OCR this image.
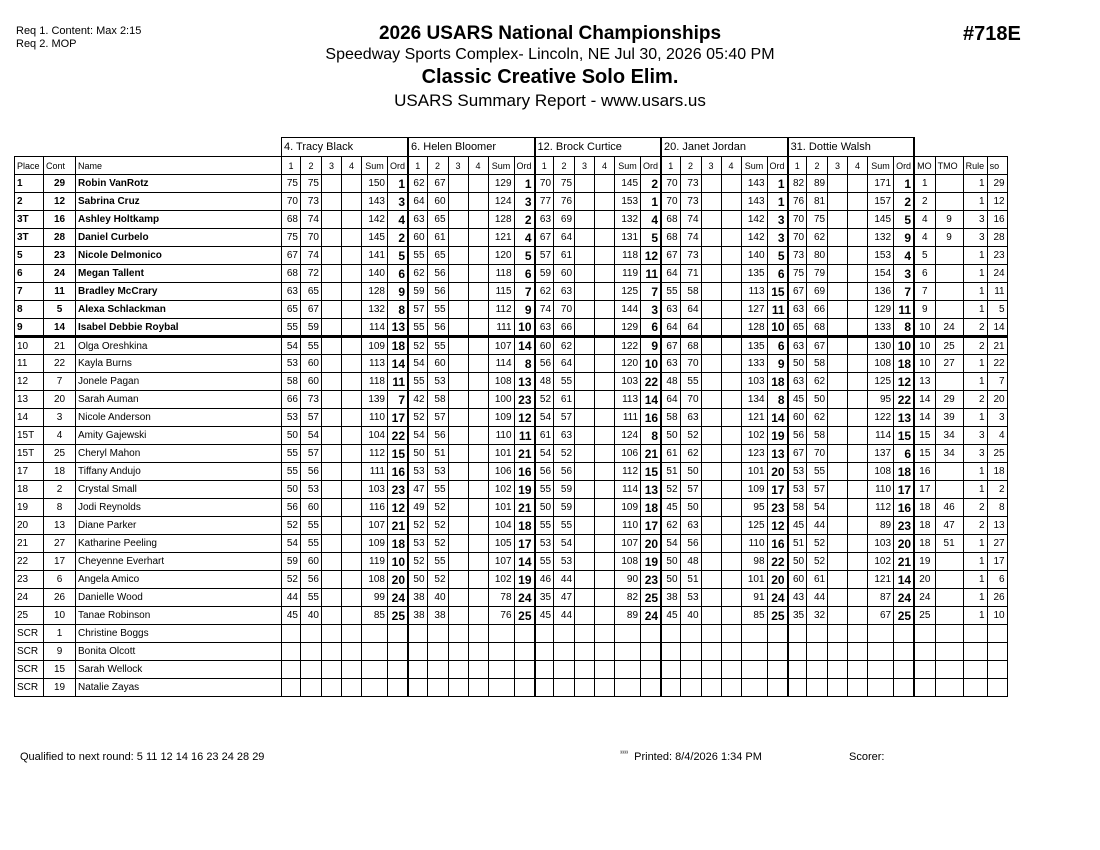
Req 1. Content: Max 2:15
Req 2. MOP	2026 USARS National Championships
Speedway Sports Complex- Lincoln, NE Jul 30, 2026 05:40 PM
Classic Creative Solo Elim.
USARS Summary Report - www.usars.us
#718E
			4. Tracy Black						6. Helen Bloomer						12. Brock Curtice						20. Janet Jordan						31. Dottie Walsh									
Place	Cont	Name	1	2	3	4	Sum	Ord	1	2	3	4	Sum	Ord	1	2	3	4	Sum	Ord	1	2	3	4	Sum	Ord	1	2	3	4	Sum	Ord	MO	TMO	Rule	so
1	29	Robin VanRotz	75	75			150	1	62	67			129	1	70	75			145	2	70	73			143	1	82	89			171	1	1		1	29
2	12	Sabrina Cruz	70	73			143	3	64	60			124	3	77	76			153	1	70	73			143	1	76	81			157	2	2		1	12
3T	16	Ashley Holtkamp	68	74			142	4	63	65			128	2	63	69			132	4	68	74			142	3	70	75			145	5	4	9	3	16
3T	28	Daniel Curbelo	75	70			145	2	60	61			121	4	67	64			131	5	68	74			142	3	70	62			132	9	4	9	3	28
5	23	Nicole Delmonico	67	74			141	5	55	65			120	5	57	61			118	12	67	73			140	5	73	80			153	4	5		1	23
6	24	Megan Tallent	68	72			140	6	62	56			118	6	59	60			119	11	64	71			135	6	75	79			154	3	6		1	24
7	11	Bradley McCrary	63	65			128	9	59	56			115	7	62	63			125	7	55	58			113	15	67	69			136	7	7		1	11
8	5	Alexa Schlackman	65	67			132	8	57	55			112	9	74	70			144	3	63	64			127	11	63	66			129	11	9		1	5
9	14	Isabel Debbie Roybal	55	59			114	13	55	56			111	10	63	66			129	6	64	64			128	10	65	68			133	8	10	24	2	14
10	21	Olga Oreshkina	54	55			109	18	52	55			107	14	60	62			122	9	67	68			135	6	63	67			130	10	10	25	2	21
11	22	Kayla Burns	53	60			113	14	54	60			114	8	56	64			120	10	63	70			133	9	50	58			108	18	10	27	1	22
12	7	Jonele Pagan	58	60			118	11	55	53			108	13	48	55			103	22	48	55			103	18	63	62			125	12	13		1	7
13	20	Sarah Auman	66	73			139	7	42	58			100	23	52	61			113	14	64	70			134	8	45	50			95	22	14	29	2	20
14	3	Nicole Anderson	53	57			110	17	52	57			109	12	54	57			111	16	58	63			121	14	60	62			122	13	14	39	1	3
15T	4	Amity Gajewski	50	54			104	22	54	56			110	11	61	63			124	8	50	52			102	19	56	58			114	15	15	34	3	4
15T	25	Cheryl Mahon	55	57			112	15	50	51			101	21	54	52			106	21	61	62			123	13	67	70			137	6	15	34	3	25
17	18	Tiffany Andujo	55	56			111	16	53	53			106	16	56	56			112	15	51	50			101	20	53	55			108	18	16		1	18
18	2	Crystal Small	50	53			103	23	47	55			102	19	55	59			114	13	52	57			109	17	53	57			110	17	17		1	2
19	8	Jodi Reynolds	56	60			116	12	49	52			101	21	50	59			109	18	45	50			95	23	58	54			112	16	18	46	2	8
20	13	Diane Parker	52	55			107	21	52	52			104	18	55	55			110	17	62	63			125	12	45	44			89	23	18	47	2	13
21	27	Katharine Peeling	54	55			109	18	53	52			105	17	53	54			107	20	54	56			110	16	51	52			103	20	18	51	1	27
22	17	Cheyenne Everhart	59	60			119	10	52	55			107	14	55	53			108	19	50	48			98	22	50	52			102	21	19		1	17
23	6	Angela Amico	52	56			108	20	50	52			102	19	46	44			90	23	50	51			101	20	60	61			121	14	20		1	6
24	26	Danielle Wood	44	55			99	24	38	40			78	24	35	47			82	25	38	53			91	24	43	44			87	24	24		1	26
25	10	Tanae Robinson	45	40			85	25	38	38			76	25	45	44			89	24	45	40			85	25	35	32			67	25	25		1	10
SCR	1	Christine Boggs																																		
SCR	9	Bonita Olcott																																		
SCR	15	Sarah Wellock																																		
SCR	19	Natalie Zayas																																		
Qualified to next round: 5 11 12 14 16 23 24 28 29	$^{^{3333}}$ Printed: 8/4/2026 1:34 PM	Scorer:
